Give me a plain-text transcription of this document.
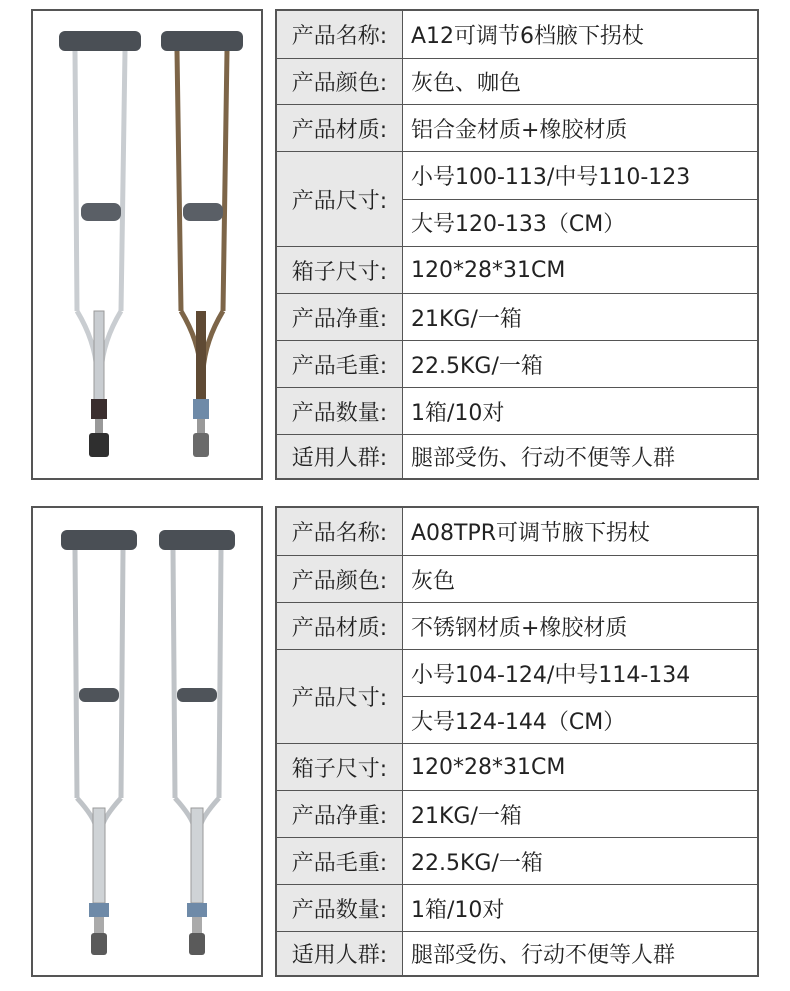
产品名称:	A12可调节6档腋下拐杖
产品颜色:	灰色、咖色
产品材质:	铝合金材质+橡胶材质
产品尺寸:
小号100-113/中号110-123
大号120-133（CM）
箱子尺寸:	120*28*31CM
产品净重:	21KG/一箱
产品毛重:	22.5KG/一箱
产品数量:	1箱/10对
适用人群:	腿部受伤、行动不便等人群
产品名称:	A08TPR可调节腋下拐杖
产品颜色:	灰色
产品材质:	不锈钢材质+橡胶材质
产品尺寸:
小号104-124/中号114-134
大号124-144（CM）
箱子尺寸:	120*28*31CM
产品净重:	21KG/一箱
产品毛重:	22.5KG/一箱
产品数量:	1箱/10对
适用人群:	腿部受伤、行动不便等人群
